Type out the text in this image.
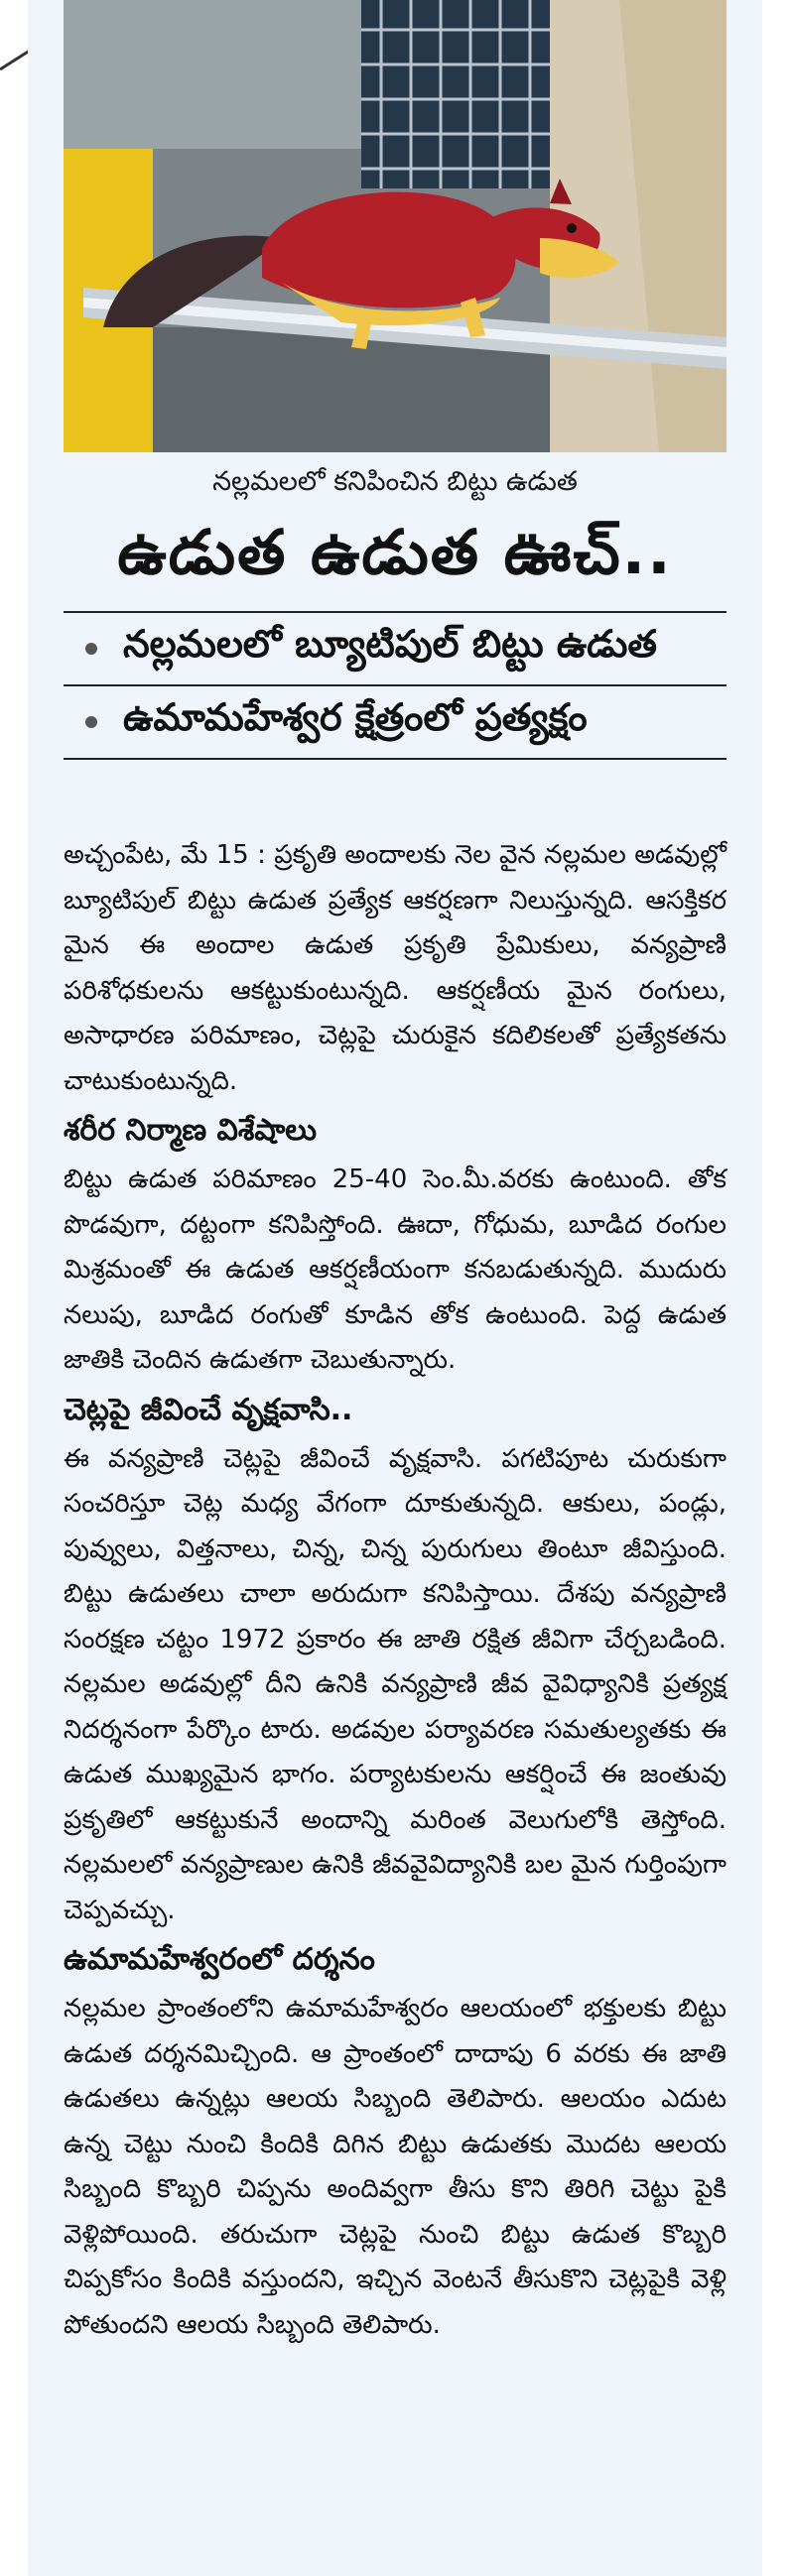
నల్లమలలో కనిపించిన బిట్టు ఉడుత
ఉడుత ఉడుత ఊచ్..
నల్లమలలో బ్యూటిపుల్ బిట్టు ఉడుత
ఉమామహేశ్వర క్షేత్రంలో ప్రత్యక్షం

అచ్చంపేట, మే 15 : ప్రకృతి అందాలకు నెల వైన నల్లమల అడవుల్లో బ్యూటిపుల్ బిట్టు ఉడుత ప్రత్యేక ఆకర్షణగా నిలుస్తున్నది. ఆసక్తికర మైన ఈ అందాల ఉడుత ప్రకృతి ప్రేమికులు, వన్యప్రాణి పరిశోధకులను ఆకట్టుకుంటున్నది. ఆకర్షణీయ మైన రంగులు, అసాధారణ పరిమాణం, చెట్లపై చురుకైన కదిలికలతో ప్రత్యేకతను చాటుకుంటున్నది.

శరీర నిర్మాణ విశేషాలు

బిట్టు ఉడుత పరిమాణం 25-40 సెం.మీ.వరకు ఉంటుంది. తోక పొడవుగా, దట్టంగా కనిపిస్తోంది. ఊదా, గోధుమ, బూడిద రంగుల మిశ్రమంతో ఈ ఉడుత ఆకర్షణీయంగా కనబడుతున్నది. ముదురు నలుపు, బూడిద రంగుతో కూడిన తోక ఉంటుంది. పెద్ద ఉడుత జాతికి చెందిన ఉడుతగా చెబుతున్నారు.

చెట్లపై జీవించే వృక్షవాసి..

ఈ వన్యప్రాణి చెట్లపై జీవించే వృక్షవాసి. పగటిపూట చురుకుగా సంచరిస్తూ చెట్ల మధ్య వేగంగా దూకుతున్నది. ఆకులు, పండ్లు, పువ్వులు, విత్తనాలు, చిన్న, చిన్న పురుగులు తింటూ జీవిస్తుంది. బిట్టు ఉడుతలు చాలా అరుదుగా కనిపిస్తాయి. దేశపు వన్యప్రాణి సంరక్షణ చట్టం 1972 ప్రకారం ఈ జాతి రక్షిత జీవిగా చేర్చబడింది. నల్లమల అడవుల్లో దీని ఉనికి వన్యప్రాణి జీవ వైవిధ్యానికి ప్రత్యక్ష నిదర్శనంగా పేర్కొం టారు. అడవుల పర్యావరణ సమతుల్యతకు ఈ ఉడుత ముఖ్యమైన భాగం. పర్యాటకులను ఆకర్షించే ఈ జంతువు ప్రకృతిలో ఆకట్టుకునే అందాన్ని మరింత వెలుగులోకి తెస్తోంది. నల్లమలలో వన్యప్రాణుల ఉనికి జీవవైవిద్యానికి బల మైన గుర్తింపుగా చెప్పవచ్చు.

ఉమామహేశ్వరంలో దర్శనం

నల్లమల ప్రాంతంలోని ఉమామహేశ్వరం ఆలయంలో భక్తులకు బిట్టు ఉడుత దర్శనమిచ్చింది. ఆ ప్రాంతంలో దాదాపు 6 వరకు ఈ జాతి ఉడుతలు ఉన్నట్లు ఆలయ సిబ్బంది తెలిపారు. ఆలయం ఎదుట ఉన్న చెట్టు నుంచి కిందికి దిగిన బిట్టు ఉడుతకు మొదట ఆలయ సిబ్బంది కొబ్బరి చిప్పను అందివ్వగా తీసు కొని తిరిగి చెట్టు పైకి వెళ్లిపోయింది. తరుచుగా చెట్లపై నుంచి బిట్టు ఉడుత కొబ్బరి చిప్పకోసం కిందికి వస్తుందని, ఇచ్చిన వెంటనే తీసుకొని చెట్లపైకి వెళ్లి పోతుందని ఆలయ సిబ్బంది తెలిపారు.
